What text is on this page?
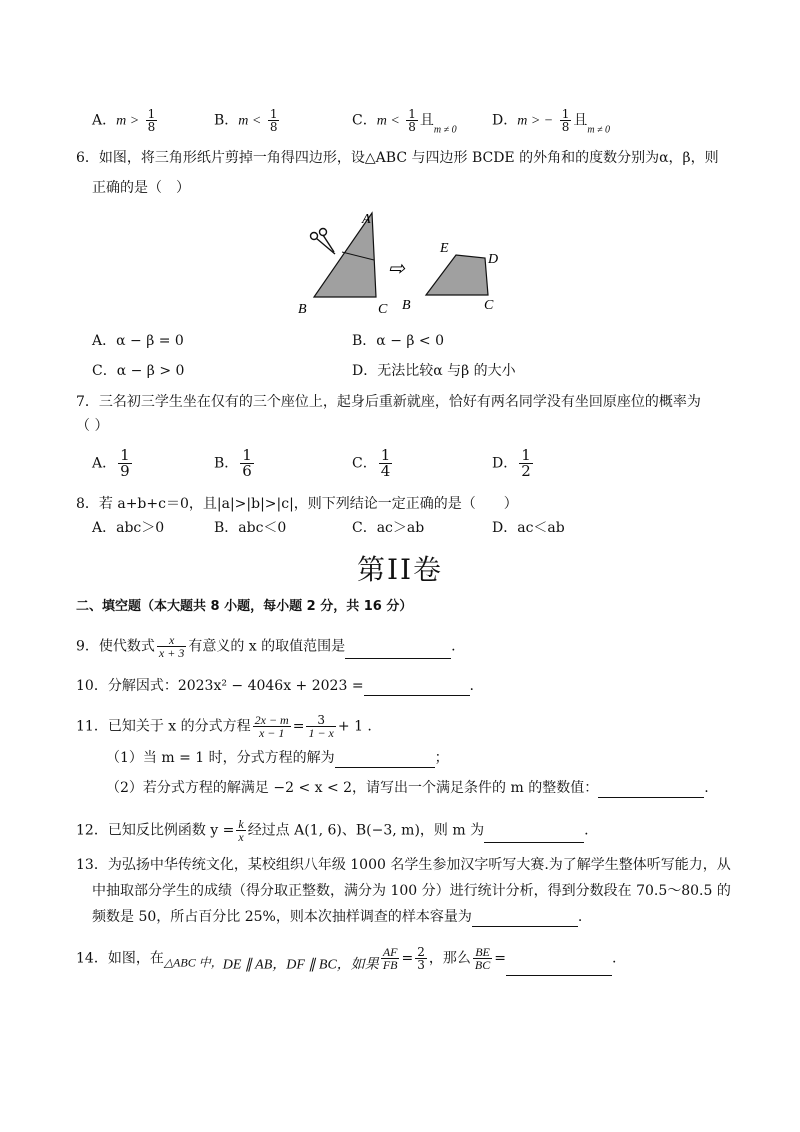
A．$m > \frac{1}{8}$	B．$m < \frac{1}{8}$	C．$m < \frac{1}{8}$ 且$_{m \ne 0}$
D．m > − $\frac{1}{8}$ 且$_{m \ne 0}$
6．如图，将三角形纸片剪掉一角得四边形，设△ABC 与四边形 BCDE 的外角和的度数分别为α，β，则
正确的是（　）
A
B	C
⇨
E
D
B	C
A．α − β = 0	B．α − β < 0
C．α − β > 0	D．无法比较α 与β 的大小
7．三名初三学生坐在仅有的三个座位上，起身后重新就座，恰好有两名同学没有坐回原座位的概率为
（ ）
A． $\frac{1}{9}$	B． $\frac{1}{6}$	C． $\frac{1}{4}$	D． $\frac{1}{2}$
8．若 a+b+c＝0，且|a|>|b|>|c|，则下列结论一定正确的是（　　）
A．abc＞0	B．abc＜0	C．ac＞ab	D．ac＜ab
第II卷
二、填空题（本大题共 8 小题，每小题 2 分，共 16 分）
9．使代数式 $\frac{x}{x + 3}$ 有意义的 x 的取值范围是	.
10．分解因式：2023x² − 4046x + 2023 =	.
11．已知关于 x 的分式方程 $\frac{2x - m}{x - 1} = \frac{3}{1 - x} + 1$ .
（1）当 m = 1 时，分式方程的解为	；
（2）若分式方程的解满足 −2 < x < 2，请写出一个满足条件的 m 的整数值：	.
12．已知反比例函数 $y = \frac{k}{x}$ 经过点 A(1, 6)、B(−3, m)，则 m 为	.
13．为弘扬中华传统文化，某校组织八年级 1000 名学生参加汉字听写大赛.为了解学生整体听写能力，从
中抽取部分学生的成绩（得分取正整数，满分为 100 分）进行统计分析，得到分数段在 70.5～80.5 的
频数是 50，所占百分比 25%，则本次抽样调查的样本容量为	.
14．如图，在△ABC 中，DE ∥ AB，DF ∥ BC，如果 $\frac{AF}{FB} = \frac{2}{3}$ ，那么 $\frac{BE}{BC}$ =	.
